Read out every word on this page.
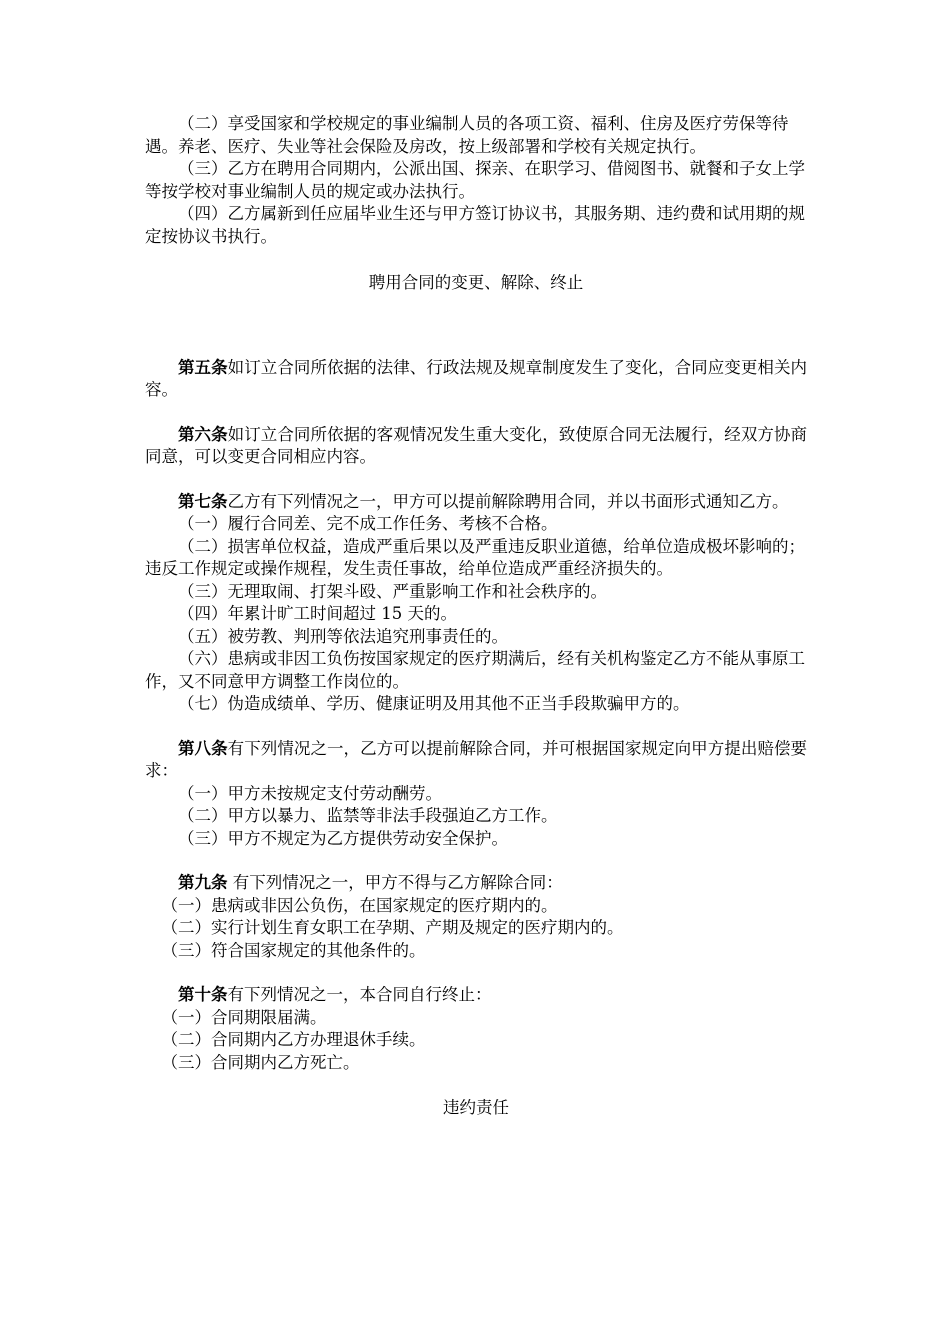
（二）享受国家和学校规定的事业编制人员的各项工资、福利、住房及医疗劳保等待遇。养老、医疗、失业等社会保险及房改，按上级部署和学校有关规定执行。

（三）乙方在聘用合同期内，公派出国、探亲、在职学习、借阅图书、就餐和子女上学等按学校对事业编制人员的规定或办法执行。

（四）乙方属新到任应届毕业生还与甲方签订协议书，其服务期、违约费和试用期的规定按协议书执行。

聘用合同的变更、解除、终止

第五条如订立合同所依据的法律、行政法规及规章制度发生了变化，合同应变更相关内容。

第六条如订立合同所依据的客观情况发生重大变化，致使原合同无法履行，经双方协商同意，可以变更合同相应内容。

第七条乙方有下列情况之一，甲方可以提前解除聘用合同，并以书面形式通知乙方。

（一）履行合同差、完不成工作任务、考核不合格。

（二）损害单位权益，造成严重后果以及严重违反职业道德，给单位造成极坏影响的；违反工作规定或操作规程，发生责任事故，给单位造成严重经济损失的。

（三）无理取闹、打架斗殴、严重影响工作和社会秩序的。

（四）年累计旷工时间超过 15 天的。

（五）被劳教、判刑等依法追究刑事责任的。

（六）患病或非因工负伤按国家规定的医疗期满后，经有关机构鉴定乙方不能从事原工作，又不同意甲方调整工作岗位的。

（七）伪造成绩单、学历、健康证明及用其他不正当手段欺骗甲方的。

第八条有下列情况之一，乙方可以提前解除合同，并可根据国家规定向甲方提出赔偿要求：

（一）甲方未按规定支付劳动酬劳。

（二）甲方以暴力、监禁等非法手段强迫乙方工作。

（三）甲方不规定为乙方提供劳动安全保护。

第九条 有下列情况之一，甲方不得与乙方解除合同：

（一）患病或非因公负伤，在国家规定的医疗期内的。

（二）实行计划生育女职工在孕期、产期及规定的医疗期内的。

（三）符合国家规定的其他条件的。

第十条有下列情况之一，本合同自行终止：

（一）合同期限届满。

（二）合同期内乙方办理退休手续。

（三）合同期内乙方死亡。

违约责任
